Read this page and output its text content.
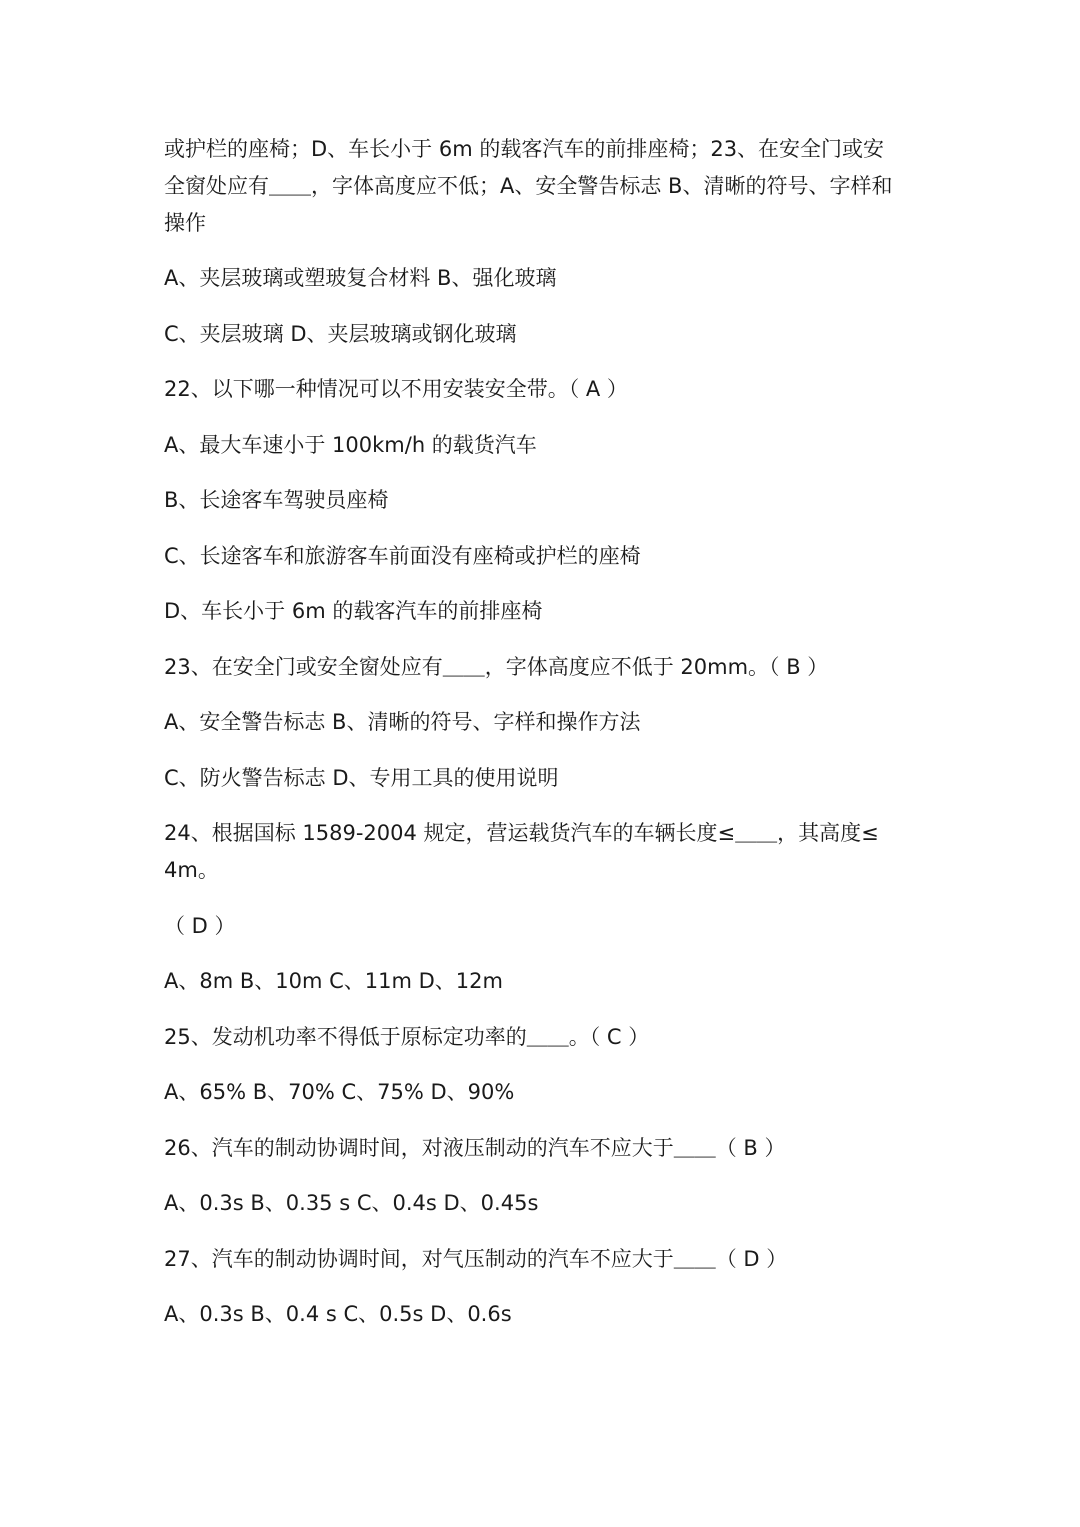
或护栏的座椅；D、车长小于 6m 的载客汽车的前排座椅；23、在安全门或安
全窗处应有＿＿，字体高度应不低；A、安全警告标志 B、清晰的符号、字样和
操作

A、夹层玻璃或塑玻复合材料 B、强化玻璃

C、夹层玻璃 D、夹层玻璃或钢化玻璃

22、以下哪一种情况可以不用安装安全带。（ A ）

A、最大车速小于 100km/h 的载货汽车

B、长途客车驾驶员座椅

C、长途客车和旅游客车前面没有座椅或护栏的座椅

D、车长小于 6m 的载客汽车的前排座椅

23、在安全门或安全窗处应有＿＿，字体高度应不低于 20mm。（ B ）

A、安全警告标志 B、清晰的符号、字样和操作方法

C、防火警告标志 D、专用工具的使用说明

24、根据国标 1589-2004 规定，营运载货汽车的车辆长度≤＿＿，其高度≤
4m。

（ D ）

A、8m B、10m C、11m D、12m

25、发动机功率不得低于原标定功率的＿＿。（ C ）

A、65% B、70% C、75% D、90%

26、汽车的制动协调时间，对液压制动的汽车不应大于＿＿（ B ）

A、0.3s B、0.35 s C、0.4s D、0.45s

27、汽车的制动协调时间，对气压制动的汽车不应大于＿＿（ D ）

A、0.3s B、0.4 s C、0.5s D、0.6s
